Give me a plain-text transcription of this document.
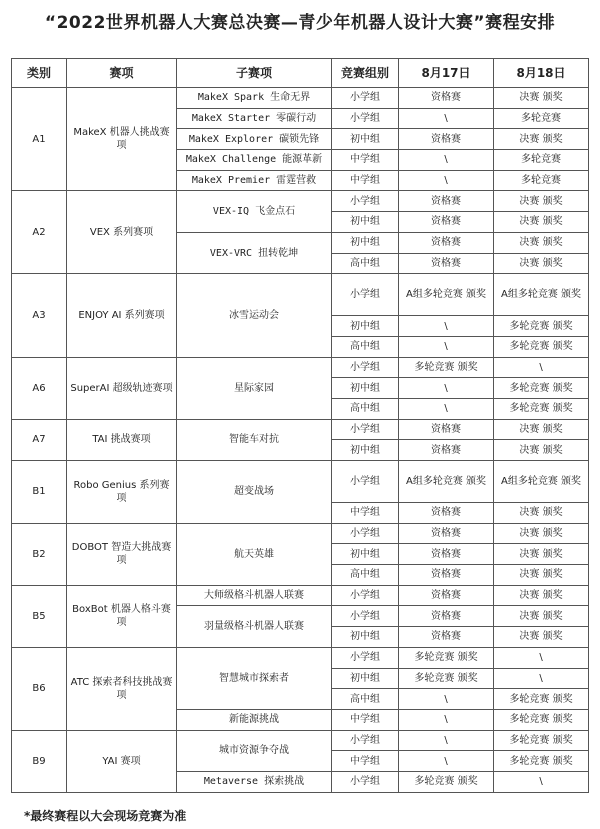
“2022世界机器人大赛总决赛—青少年机器人设计大赛”赛程安排
类别	赛项	子赛项	竞赛组别	8月17日	8月18日
A1	MakeX 机器人挑战赛项	MakeX Spark 生命无界	小学组	资格赛	决赛 颁奖
		MakeX Starter 零碳行动	小学组	\	多轮竞赛
		MakeX Explorer 碳锁先锋	初中组	资格赛	决赛 颁奖
		MakeX Challenge 能源革新	中学组	\	多轮竞赛
		MakeX Premier 雷霆营救	中学组	\	多轮竞赛
A2	VEX 系列赛项	VEX-IQ 飞金点石	小学组	资格赛	决赛 颁奖
			初中组	资格赛	决赛 颁奖
		VEX-VRC 扭转乾坤	初中组	资格赛	决赛 颁奖
			高中组	资格赛	决赛 颁奖
A3	ENJOY AI 系列赛项	冰雪运动会	小学组	A组多轮竞赛 颁奖	A组多轮竞赛 颁奖
			初中组	\	多轮竞赛 颁奖
			高中组	\	多轮竞赛 颁奖
A6	SuperAI 超级轨迹赛项	星际家园	小学组	多轮竞赛 颁奖	\
			初中组	\	多轮竞赛 颁奖
			高中组	\	多轮竞赛 颁奖
A7	TAI 挑战赛项	智能车对抗	小学组	资格赛	决赛 颁奖
			初中组	资格赛	决赛 颁奖
B1	Robo Genius 系列赛项	超变战场	小学组	A组多轮竞赛 颁奖	A组多轮竞赛 颁奖
			中学组	资格赛	决赛 颁奖
B2	DOBOT 智造大挑战赛项	航天英雄	小学组	资格赛	决赛 颁奖
			初中组	资格赛	决赛 颁奖
			高中组	资格赛	决赛 颁奖
B5	BoxBot 机器人格斗赛项	大师级格斗机器人联赛	小学组	资格赛	决赛 颁奖
		羽量级格斗机器人联赛	小学组	资格赛	决赛 颁奖
			初中组	资格赛	决赛 颁奖
B6	ATC 探索者科技挑战赛项	智慧城市探索者	小学组	多轮竞赛 颁奖	\
			初中组	多轮竞赛 颁奖	\
			高中组	\	多轮竞赛 颁奖
		新能源挑战	中学组	\	多轮竞赛 颁奖
B9	YAI 赛项	城市资源争夺战	小学组	\	多轮竞赛 颁奖
			中学组	\	多轮竞赛 颁奖
		Metaverse 探索挑战	小学组	多轮竞赛 颁奖	\
*最终赛程以大会现场竞赛为准
